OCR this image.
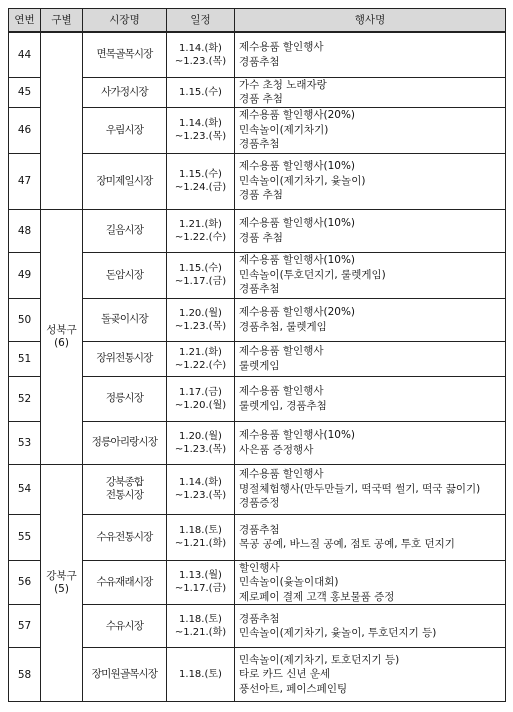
연번	구별	시장명	일정	행사명
44		면목골목시장	1.14.(화)
~1.23.(목)	제수용품 할인행사
경품추첨

45		사가정시장	1.15.(수)	가수 초청 노래자랑
경품 추첨

46		우림시장	1.14.(화)
~1.23.(목)	제수용품 할인행사(20%)
민속놀이(제기차기)
경품추첨

47		장미제일시장	1.15.(수)
~1.24.(금)	제수용품 할인행사(10%)
민속놀이(제기차기, 윷놀이)
경품 추첨

48	성북구
(6)	길음시장	1.21.(화)
~1.22.(수)	제수용품 할인행사(10%)
경품 추첨

49		돈암시장	1.15.(수)
~1.17.(금)	제수용품 할인행사(10%)
민속놀이(투호던지기, 룰렛게임)
경품추첨

50		돌곶이시장	1.20.(월)
~1.23.(목)	제수용품 할인행사(20%)
경품추첨, 룰렛게임

51		장위전통시장	1.21.(화)
~1.22.(수)	제수용품 할인행사
룰렛게임

52		정릉시장	1.17.(금)
~1.20.(월)	제수용품 할인행사
룰렛게임, 경품추첨

53		정릉아리랑시장	1.20.(월)
~1.23.(목)	제수용품 할인행사(10%)
사은품 증정행사

54	강북구
(5)	강북종합
전통시장	1.14.(화)
~1.23.(목)	제수용품 할인행사
명절체험행사(만두만들기, 떡국떡 썰기, 떡국 끓이기)
경품증정

55		수유전통시장	1.18.(토)
~1.21.(화)	경품추첨
목공 공예, 바느질 공예, 점토 공예, 투호 던지기

56		수유재래시장	1.13.(월)
~1.17.(금)	할인행사
민속놀이(윷놀이대회)
제로페이 결제 고객 홍보물품 증정

57		수유시장	1.18.(토)
~1.21.(화)	경품추첨
민속놀이(제기차기, 윷놀이, 투호던지기 등)

58		장미원골목시장	1.18.(토)	민속놀이(제기차기, 토호던지기 등)
타로 카드 신년 운세
풍선아트, 페이스페인팅
